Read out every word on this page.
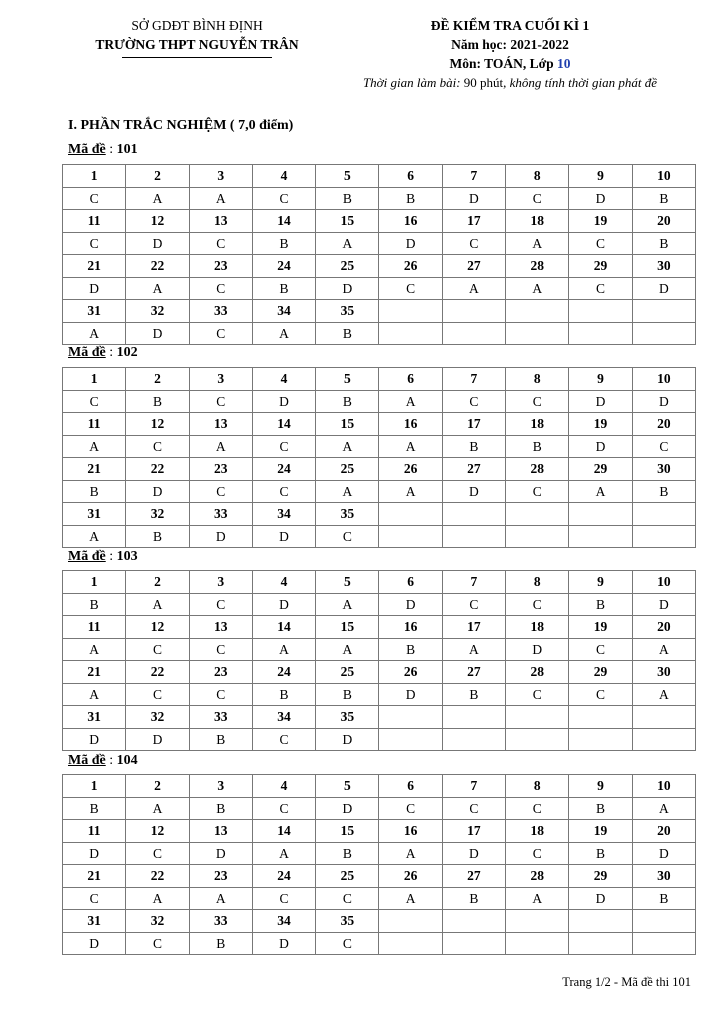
SỞ GDĐT BÌNH ĐỊNH
TRƯỜNG THPT NGUYỄN TRÂN
ĐỀ KIỂM TRA CUỐI KÌ 1
Năm học: 2021-2022
Môn: TOÁN, Lớp 10
Thời gian làm bài: 90 phút, không tính thời gian phát đề
I. PHẦN TRẮC NGHIỆM ( 7,0 điểm)
Mã đề : 101
1	2	3	4	5	6	7	8	9	10
C	A	A	C	B	B	D	C	D	B
11	12	13	14	15	16	17	18	19	20
C	D	C	B	A	D	C	A	C	B
21	22	23	24	25	26	27	28	29	30
D	A	C	B	D	C	A	A	C	D
31	32	33	34	35					
A	D	C	A	B					
Mã đề : 102
1	2	3	4	5	6	7	8	9	10
C	B	C	D	B	A	C	C	D	D
11	12	13	14	15	16	17	18	19	20
A	C	A	C	A	A	B	B	D	C
21	22	23	24	25	26	27	28	29	30
B	D	C	C	A	A	D	C	A	B
31	32	33	34	35					
A	B	D	D	C					
Mã đề : 103
1	2	3	4	5	6	7	8	9	10
B	A	C	D	A	D	C	C	B	D
11	12	13	14	15	16	17	18	19	20
A	C	C	A	A	B	A	D	C	A
21	22	23	24	25	26	27	28	29	30
A	C	C	B	B	D	B	C	C	A
31	32	33	34	35					
D	D	B	C	D					
Mã đề : 104
1	2	3	4	5	6	7	8	9	10
B	A	B	C	D	C	C	C	B	A
11	12	13	14	15	16	17	18	19	20
D	C	D	A	B	A	D	C	B	D
21	22	23	24	25	26	27	28	29	30
C	A	A	C	C	A	B	A	D	B
31	32	33	34	35					
D	C	B	D	C					
Trang 1/2 - Mã đề thi 101
